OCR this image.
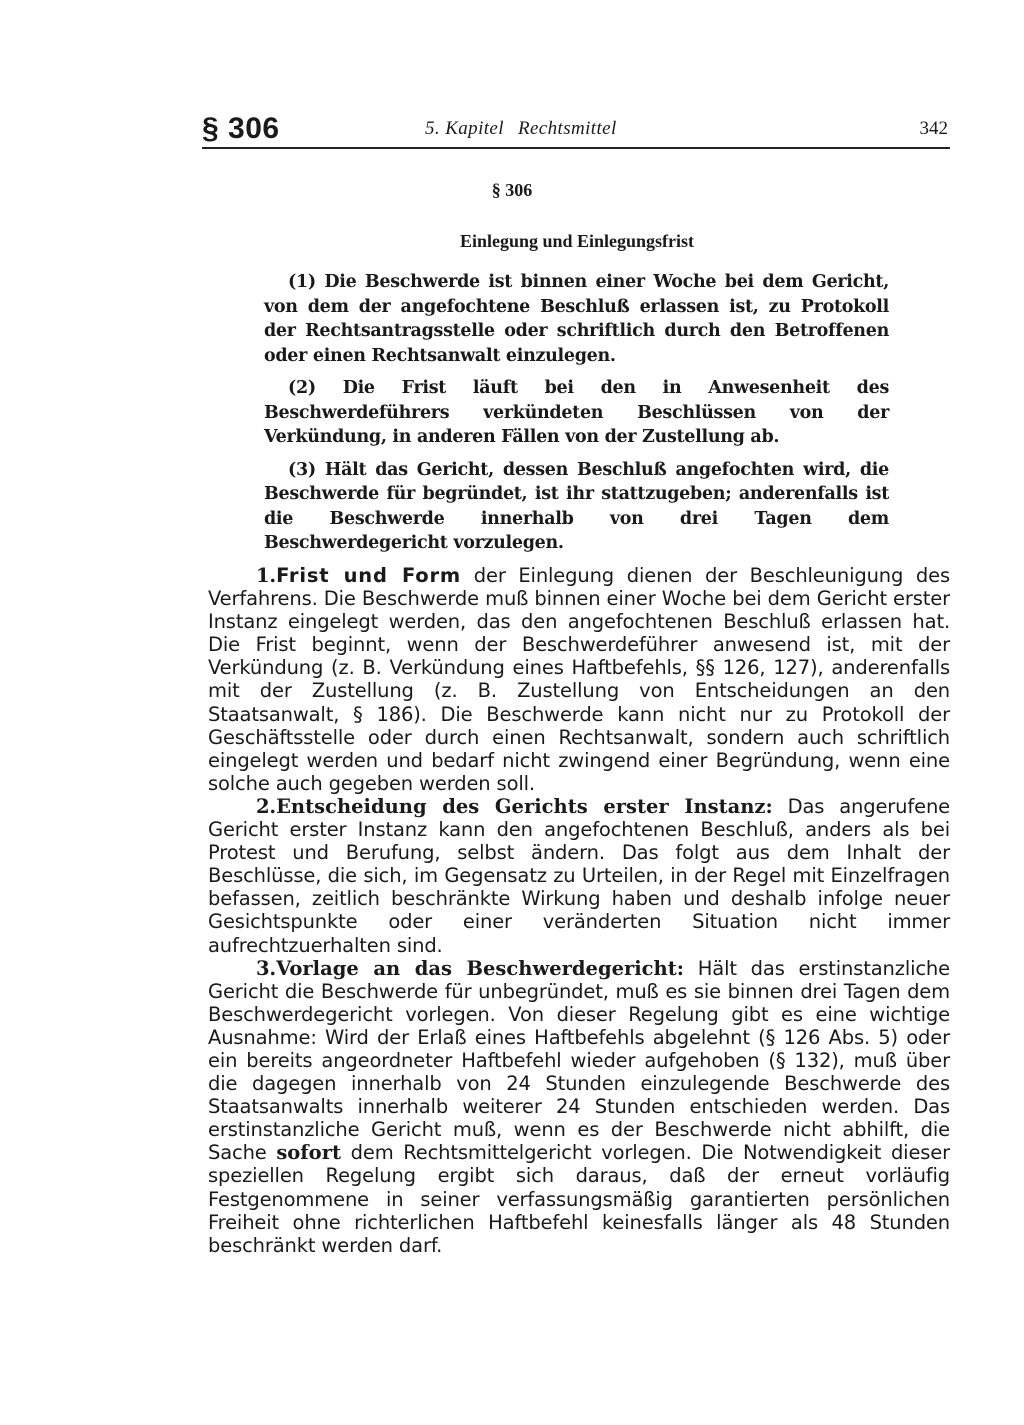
§ 306	5. Kapitel Rechtsmittel	342
§ 306
Einlegung und Einlegungsfrist

(1) Die Beschwerde ist binnen einer Woche bei dem Gericht, von dem der angefochtene Beschluß erlassen ist, zu Protokoll der Rechtsantragsstelle oder schriftlich durch den Betroffenen oder einen Rechtsanwalt einzulegen.

(2) Die Frist läuft bei den in Anwesenheit des Beschwerdeführers verkündeten Beschlüssen von der Verkündung, in anderen Fällen von der Zustellung ab.

(3) Hält das Gericht, dessen Beschluß angefochten wird, die Beschwerde für begründet, ist ihr stattzugeben; anderenfalls ist die Beschwerde innerhalb von drei Tagen dem Beschwerdegericht vorzulegen.

1.Frist und Form der Einlegung dienen der Beschleunigung des Verfahrens. Die Beschwerde muß binnen einer Woche bei dem Gericht erster Instanz eingelegt werden, das den angefochtenen Beschluß erlassen hat. Die Frist beginnt, wenn der Beschwerdeführer anwesend ist, mit der Verkündung (z. B. Verkündung eines Haftbefehls, §§ 126, 127), anderenfalls mit der Zustellung (z. B. Zustellung von Entscheidungen an den Staatsanwalt, § 186). Die Beschwerde kann nicht nur zu Protokoll der Geschäftsstelle oder durch einen Rechtsanwalt, sondern auch schriftlich eingelegt werden und bedarf nicht zwingend einer Begründung, wenn eine solche auch gegeben werden soll.

2.Entscheidung des Gerichts erster Instanz: Das angerufene Gericht erster Instanz kann den angefochtenen Beschluß, anders als bei Protest und Berufung, selbst ändern. Das folgt aus dem Inhalt der Beschlüsse, die sich, im Gegensatz zu Urteilen, in der Regel mit Einzelfragen befassen, zeitlich beschränkte Wirkung haben und deshalb infolge neuer Gesichtspunkte oder einer veränderten Situation nicht immer aufrechtzuerhalten sind.

3.Vorlage an das Beschwerdegericht: Hält das erstinstanzliche Gericht die Beschwerde für unbegründet, muß es sie binnen drei Tagen dem Beschwerdegericht vorlegen. Von dieser Regelung gibt es eine wichtige Ausnahme: Wird der Erlaß eines Haftbefehls abgelehnt (§ 126 Abs. 5) oder ein bereits angeordneter Haftbefehl wieder aufgehoben (§ 132), muß über die dagegen innerhalb von 24 Stunden einzulegende Beschwerde des Staatsanwalts innerhalb weiterer 24 Stunden entschieden werden. Das erstinstanzliche Gericht muß, wenn es der Beschwerde nicht abhilft, die Sache sofort dem Rechtsmittelgericht vorlegen. Die Notwendigkeit dieser speziellen Regelung ergibt sich daraus, daß der erneut vorläufig Festgenommene in seiner verfassungsmäßig garantierten persönlichen Freiheit ohne richterlichen Haftbefehl keinesfalls länger als 48 Stunden beschränkt werden darf.
